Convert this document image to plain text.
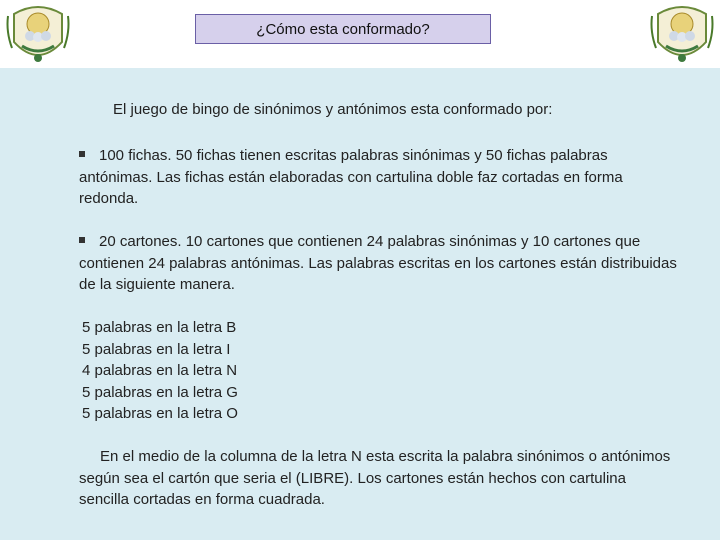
¿Cómo esta conformado?
El juego de bingo de sinónimos y antónimos esta conformado por:
100 fichas. 50 fichas tienen escritas palabras sinónimas y 50 fichas palabras antónimas. Las fichas están elaboradas con cartulina doble faz cortadas en forma redonda.
20 cartones. 10 cartones que contienen 24 palabras sinónimas y 10 cartones que contienen 24 palabras antónimas. Las palabras escritas en los cartones están distribuidas de la siguiente manera.
5 palabras en la letra B
5 palabras en la letra I
4 palabras en la letra N
5 palabras en la letra G
5 palabras en la letra O
En el medio de la columna de la letra N esta escrita la palabra sinónimos o antónimos según sea el cartón que seria el (LIBRE). Los cartones están hechos con cartulina sencilla cortadas en forma cuadrada.
